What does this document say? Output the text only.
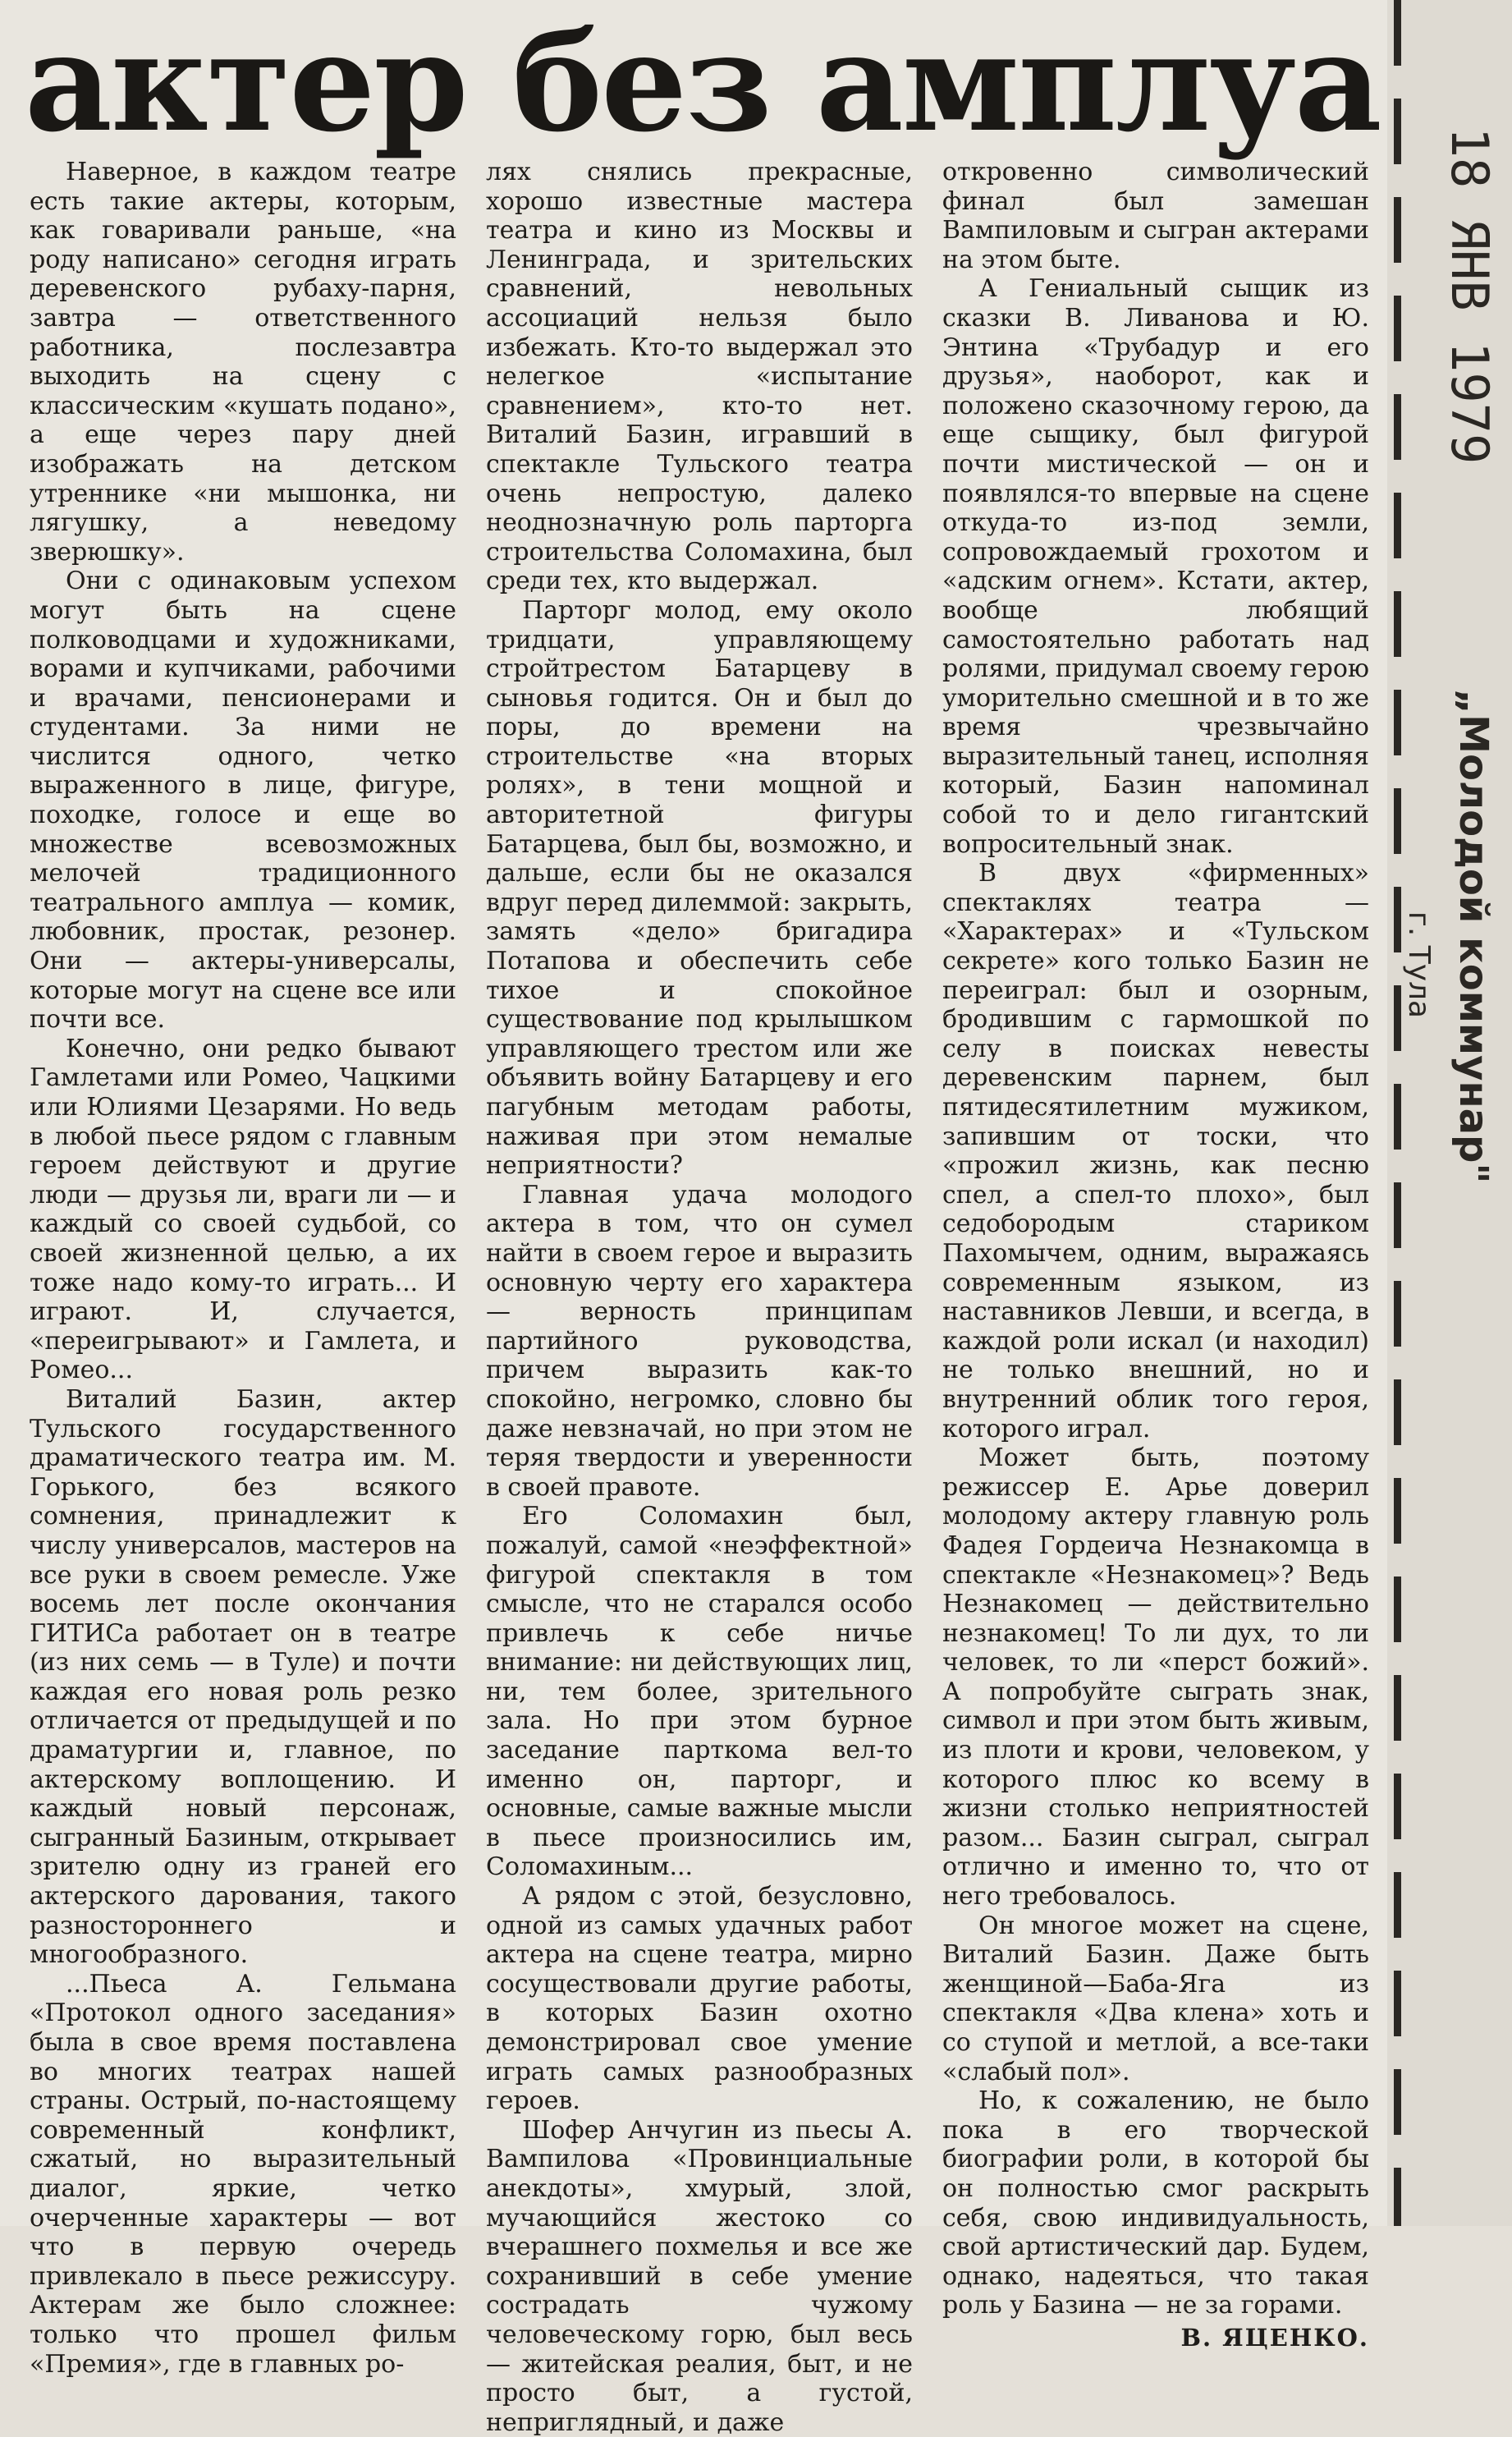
актер без амплуа

Наверное, в каждом театре есть такие актеры, которым, как говаривали раньше, «на роду написано» сегодня играть деревенского рубаху-парня, завтра — ответственного работника, послезавтра выходить на сцену с классическим «кушать подано», а еще через пару дней изображать на детском утреннике «ни мышонка, ни лягушку, а неведому зверюшку».

Они с одинаковым успехом могут быть на сцене полководцами и художниками, ворами и купчиками, рабочими и врачами, пенсионерами и студентами. За ними не числится одного, четко выраженного в лице, фигуре, походке, голосе и еще во множестве всевозможных мелочей традиционного театрального амплуа — комик, любовник, простак, резонер. Они — актеры-универсалы, которые могут на сцене все или почти все.

Конечно, они редко бывают Гамлетами или Ромео, Чацкими или Юлиями Цезарями. Но ведь в любой пьесе рядом с главным героем действуют и другие люди — друзья ли, враги ли — и каждый со своей судьбой, со своей жизненной целью, а их тоже надо кому-то играть... И играют. И, случается, «переигрывают» и Гамлета, и Ромео...

Виталий Базин, актер Тульского государственного драматического театра им. М. Горького, без всякого сомнения, принадлежит к числу универсалов, мастеров на все руки в своем ремесле. Уже восемь лет после окончания ГИТИСа работает он в театре (из них семь — в Туле) и почти каждая его новая роль резко отличается от предыдущей и по драматургии и, главное, по актерскому воплощению. И каждый новый персонаж, сыгранный Базиным, открывает зрителю одну из граней его актерского дарования, такого разностороннего и многообразного.

...Пьеса А. Гельмана «Протокол одного заседания» была в свое время поставлена во многих театрах нашей страны. Острый, по-настоящему современный конфликт, сжатый, но выразительный диалог, яркие, четко очерченные характеры — вот что в первую очередь привлекало в пьесе режиссуру. Актерам же было сложнее: только что прошел фильм «Премия», где в главных ро-

лях снялись прекрасные, хорошо известные мастера театра и кино из Москвы и Ленинграда, и зрительских сравнений, невольных ассоциаций нельзя было избежать. Кто-то выдержал это нелегкое «испытание сравнением», кто-то нет. Виталий Базин, игравший в спектакле Тульского театра очень непростую, далеко неоднозначную роль парторга строительства Соломахина, был среди тех, кто выдержал.

Парторг молод, ему около тридцати, управляющему стройтрестом Батарцеву в сыновья годится. Он и был до поры, до времени на строительстве «на вторых ролях», в тени мощной и авторитетной фигуры Батарцева, был бы, возможно, и дальше, если бы не оказался вдруг перед дилеммой: закрыть, замять «дело» бригадира Потапова и обеспечить себе тихое и спокойное существование под крылышком управляющего трестом или же объявить войну Батарцеву и его пагубным методам работы, наживая при этом немалые неприятности?

Главная удача молодого актера в том, что он сумел найти в своем герое и выразить основную черту его характера — верность принципам партийного руководства, причем выразить как-то спокойно, негромко, словно бы даже невзначай, но при этом не теряя твердости и уверенности в своей правоте.

Его Соломахин был, пожалуй, самой «неэффектной» фигурой спектакля в том смысле, что не старался особо привлечь к себе ничье внимание: ни действующих лиц, ни, тем более, зрительного зала. Но при этом бурное заседание парткома вел-то именно он, парторг, и основные, самые важные мысли в пьесе произносились им, Соломахиным...

А рядом с этой, безусловно, одной из самых удачных работ актера на сцене театра, мирно сосуществовали другие работы, в которых Базин охотно демонстрировал свое умение играть самых разнообразных героев.

Шофер Анчугин из пьесы А. Вампилова «Провинциальные анекдоты», хмурый, злой, мучающийся жестоко со вчерашнего похмелья и все же сохранивший в себе умение сострадать чужому человеческому горю, был весь — житейская реалия, быт, и не просто быт, а густой, неприглядный, и даже

откровенно символический финал был замешан Вампиловым и сыгран актерами на этом быте.

А Гениальный сыщик из сказки В. Ливанова и Ю. Энтина «Трубадур и его друзья», наоборот, как и положено сказочному герою, да еще сыщику, был фигурой почти мистической — он и появлялся-то впервые на сцене откуда-то из-под земли, сопровождаемый грохотом и «адским огнем». Кстати, актер, вообще любящий самостоятельно работать над ролями, придумал своему герою уморительно смешной и в то же время чрезвычайно выразительный танец, исполняя который, Базин напоминал собой то и дело гигантский вопросительный знак.

В двух «фирменных» спектаклях театра — «Характерах» и «Тульском секрете» кого только Базин не переиграл: был и озорным, бродившим с гармошкой по селу в поисках невесты деревенским парнем, был пятидесятилетним мужиком, запившим от тоски, что «прожил жизнь, как песню спел, а спел-то плохо», был седобородым стариком Пахомычем, одним, выражаясь современным языком, из наставников Левши, и всегда, в каждой роли искал (и находил) не только внешний, но и внутренний облик того героя, которого играл.

Может быть, поэтому режиссер Е. Арье доверил молодому актеру главную роль Фадея Гордеича Незнакомца в спектакле «Незнакомец»? Ведь Незнакомец — действительно незнакомец! То ли дух, то ли человек, то ли «перст божий». А попробуйте сыграть знак, символ и при этом быть живым, из плоти и крови, человеком, у которого плюс ко всему в жизни столько неприятностей разом... Базин сыграл, сыграл отлично и именно то, что от него требовалось.

Он многое может на сцене, Виталий Базин. Даже быть женщиной—Баба-Яга из спектакля «Два клена» хоть и со ступой и метлой, а все-таки «слабый пол».

Но, к сожалению, не было пока в его творческой биографии роли, в которой бы он полностью смог раскрыть себя, свою индивидуальность, свой артистический дар. Будем, однако, надеяться, что такая роль у Базина — не за горами.

В. ЯЦЕНКО.
18 ЯНВ 1979
„Молодой коммунар"
г. Тула
